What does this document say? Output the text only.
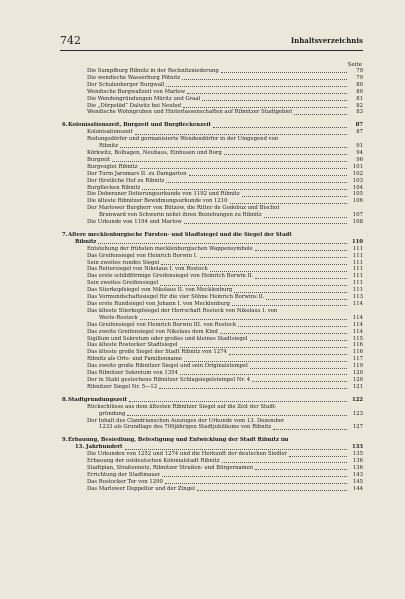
742	Inhaltsverzeichnis
Seite
Die Sumpfburg Ribnitz in der Recknitzniederung	79
Die wendische Wasserburg Pötnitz	79
Der Schulenberger Burgwall	80
Wendische Burgwallzeit von Marlow	80
Die Wendengründungen Müritz und Graal	81
Die „Dörpstäd“ Dalwitz bei Neuhof	82
Wendische Wohngruben und Hinterlassenschaften auf Ribnitzer Stadtgebiet	83
6. Kolonisationszeit, Burgzeit und Burgfleckenzeit	87
Kolonisationszeit	87
Rodungsdörfer und germanisierte Wendendörfer in der Umgegend von
Ribnitz	91
Körkwitz, Bolhagen, Neuhaus, Einhusen und Borg	94
Burgzeit	96
Burgvogtei Ribnitz	101
Der Turm Jaromars II. zu Damgarten	102
Der fürstliche Hof zu Ribnitz	103
Burgflecken Ribnitz	104
Die Doberaner Dotierungsurkunde von 1192 und Ribnitz	105
Die älteste Ribnitzer Bewidmungsurkunde von 1210	106
Der Marlower Burgherr von Bützow, die Ritter de Godebuz und Bischof
Brunward von Schwerin nebst ihren Beziehungen zu Ribnitz	107
Die Urkunde von 1194 und Marlow	108
7. Ältere mecklenburgische Fürsten- und Stadtsiegel und die Siegel der Stadt
Ribnitz	110
Entstehung der frühsten mecklenburgischen Wappensymbole	111
Das Greifensiegel von Heinrich Borwin I.	111
Sein zweites rundes Siegel	111
Das Reitersiegel von Nikolaus I. von Rostock	111
Das erste schildförmige Greifensiegel von Heinrich Borwin II.	111
Sein zweites Greifensiegel	111
Das Stierkopfsiegel von Nikolaus II. von Mecklenburg	111
Das Vormundschaftssiegel für die vier Söhne Heinrich Borwins II.	113
Das erste Rundsiegel von Johann I. von Mecklenburg	114
Das älteste Stierkopfsiegel der Herrschaft Rostock von Nikolaus I. von
Werle-Rostock	114
Das Greifensiegel von Heinrich Borwin III. von Rostock	114
Das zweite Greifensiegel von Nikolaus dem Kind	114
Sigillum und Sekretum oder großes und kleines Stadtsiegel	115
Das älteste Rostocker Stadtsiegel	116
Das älteste große Siegel der Stadt Ribnitz von 1274	116
Ribnitz als Orts- und Familienname	117
Das zweite große Ribnitzer Siegel und sein Originalstempel	119
Das Ribnitzer Sekretum von 1354	120
Der in Stahl gestochene Ribnitzer Schlagsiegelstempel Nr. 4	120
Ribnitzer Siegel Nr. 5—12	121
8. Stadtgründungszeit	122
Rückschlüsse aus dem ältesten Ribnitzer Siegel auf die Zeit der Stadt-
gründung	123
Der Inhalt des Clandrianschen Auszuges der Urkunde vom 13. Dezember
1233 als Grundlage des 700jährigen Stadtjubiläums von Ribnitz	127
9. Erbauung, Besiedlung, Befestigung und Entwicklung der Stadt Ribnitz im
13. Jahrhundert	133
Die Urkunden von 1252 und 1274 und die Herkunft der deutschen Siedler	135
Erbauung der ostdeutschen Kolonialstadt Ribnitz	136
Stadtplan, Straßennetz, Ribnitzer Straßen- und Bürgernamen	136
Errichtung der Stadtmauer	143
Das Rostocker Tor von 1290	145
Das Marlower Doppeltor und der Zingel	144
